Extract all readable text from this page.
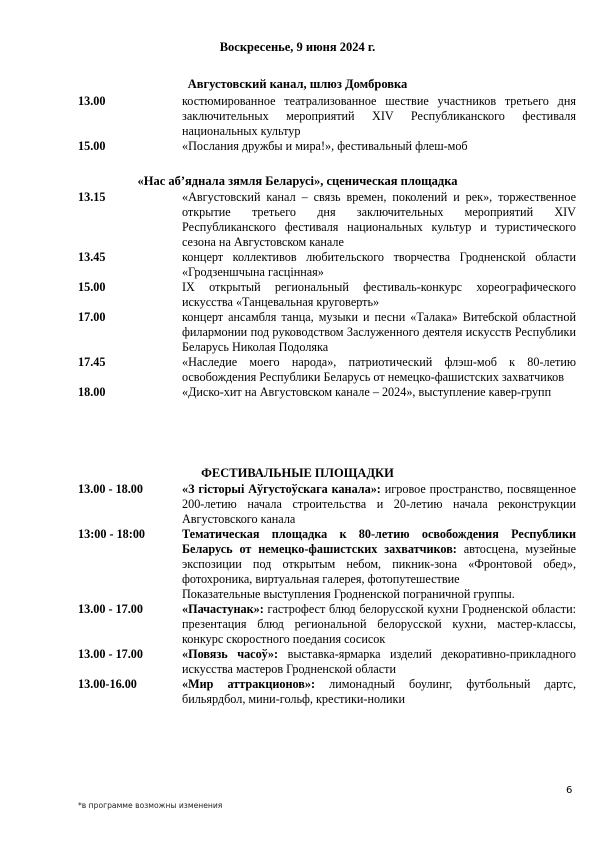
Воскресенье, 9 июня 2024 г.
Августовский канал, шлюз Домбровка
13.00	костюмированное театрализованное шествие участников третьего дня заключительных мероприятий XIV Республиканского фестиваля национальных культур
15.00	«Послания дружбы и мира!», фестивальный флеш-моб
«Нас аб’яднала зямля Беларусі», сценическая площадка
13.15	«Августовский канал – связь времен, поколений и рек», торжественное открытие третьего дня заключительных мероприятий XIV Республиканского фестиваля национальных культур и туристического сезона на Августовском канале
13.45	концерт коллективов любительского творчества Гродненской области «Гродзеншчына гасцінная»
15.00	IX открытый региональный фестиваль-конкурс хореографического искусства «Танцевальная круговерть»
17.00	концерт ансамбля танца, музыки и песни «Талака» Витебской областной филармонии под руководством Заслуженного деятеля искусств Республики Беларусь Николая Подоляка
17.45	«Наследие моего народа», патриотический флэш-моб к 80-летию освобождения Республики Беларусь от немецко-фашистских захватчиков
18.00	«Диско-хит на Августовском канале – 2024», выступление кавер-групп
ФЕСТИВАЛЬНЫЕ ПЛОЩАДКИ
13.00 - 18.00	«З гісторыі Аўгустоўскага канала»: игровое пространство, посвященное 200-летию начала строительства и 20-летию начала реконструкции Августовского канала
13:00 - 18:00	Тематическая площадка к 80-летию освобождения Республики Беларусь от немецко-фашистских захватчиков: автосцена, музейные экспозиции под открытым небом, пикник-зона «Фронтовой обед», фотохроника, виртуальная галерея, фотопутешествие
Показательные выступления Гродненской пограничной группы.
13.00 - 17.00	«Пачастунак»: гастрофест блюд белорусской кухни Гродненской области: презентация блюд региональной белорусской кухни, мастер-классы, конкурс скоростного поедания сосисок
13.00 - 17.00	«Повязь часоў»: выставка-ярмарка изделий декоративно-прикладного искусства мастеров Гродненской области
13.00-16.00	«Мир аттракционов»: лимонадный боулинг, футбольный дартс, бильярдбол, мини-гольф, крестики-нолики
6
*в программе возможны изменения
